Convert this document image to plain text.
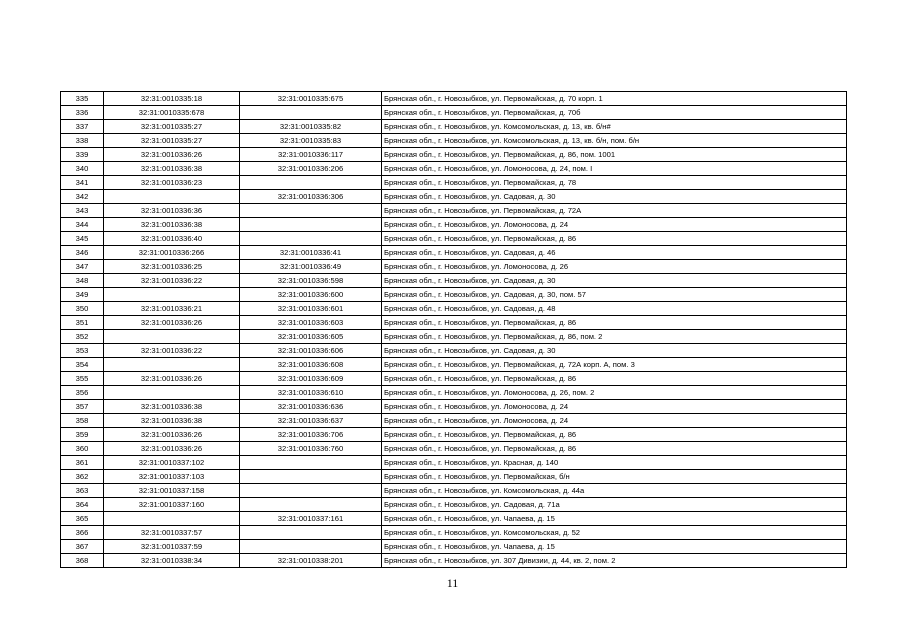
335	32:31:0010335:18	32:31:0010335:675	Брянская обл., г. Новозыбков, ул. Первомайская, д. 70 корп. 1
336	32:31:0010335:678		Брянская обл., г. Новозыбков, ул. Первомайская, д. 70б
337	32:31:0010335:27	32:31:0010335:82	Брянская обл., г. Новозыбков, ул. Комсомольская, д. 13, кв. б/н#
338	32:31:0010335:27	32:31:0010335:83	Брянская обл., г. Новозыбков, ул. Комсомольская, д. 13, кв. б/н, пом. б/н
339	32:31:0010336:26	32:31:0010336:117	Брянская обл., г. Новозыбков, ул. Первомайская, д. 86, пом. 1001
340	32:31:0010336:38	32:31:0010336:206	Брянская обл., г. Новозыбков, ул. Ломоносова, д. 24, пом. I
341	32:31:0010336:23		Брянская обл., г. Новозыбков, ул. Первомайская, д. 78
342		32:31:0010336:306	Брянская обл., г. Новозыбков, ул. Садовая, д. 30
343	32:31:0010336:36		Брянская обл., г. Новозыбков, ул. Первомайская, д. 72А
344	32:31:0010336:38		Брянская обл., г. Новозыбков, ул. Ломоносова, д. 24
345	32:31:0010336:40		Брянская обл., г. Новозыбков, ул. Первомайская, д. 86
346	32:31:0010336:266	32:31:0010336:41	Брянская обл., г. Новозыбков, ул. Садовая, д. 46
347	32:31:0010336:25	32:31:0010336:49	Брянская обл., г. Новозыбков, ул. Ломоносова, д. 26
348	32:31:0010336:22	32:31:0010336:598	Брянская обл., г. Новозыбков, ул. Садовая, д. 30
349		32:31:0010336:600	Брянская обл., г. Новозыбков, ул. Садовая, д. 30, пом. 57
350	32:31:0010336:21	32:31:0010336:601	Брянская обл., г. Новозыбков, ул. Садовая, д. 48
351	32:31:0010336:26	32:31:0010336:603	Брянская обл., г. Новозыбков, ул. Первомайская, д. 86
352		32:31:0010336:605	Брянская обл., г. Новозыбков, ул. Первомайская, д. 86, пом. 2
353	32:31:0010336:22	32:31:0010336:606	Брянская обл., г. Новозыбков, ул. Садовая, д. 30
354		32:31:0010336:608	Брянская обл., г. Новозыбков, ул. Первомайская, д. 72А корп. А, пом. 3
355	32:31:0010336:26	32:31:0010336:609	Брянская обл., г. Новозыбков, ул. Первомайская, д. 86
356		32:31:0010336:610	Брянская обл., г. Новозыбков, ул. Ломоносова, д. 26, пом. 2
357	32:31:0010336:38	32:31:0010336:636	Брянская обл., г. Новозыбков, ул. Ломоносова, д. 24
358	32:31:0010336:38	32:31:0010336:637	Брянская обл., г. Новозыбков, ул. Ломоносова, д. 24
359	32:31:0010336:26	32:31:0010336:706	Брянская обл., г. Новозыбков, ул. Первомайская, д. 86
360	32:31:0010336:26	32:31:0010336:760	Брянская обл., г. Новозыбков, ул. Первомайская, д. 86
361	32:31:0010337:102		Брянская обл., г. Новозыбков, ул. Красная, д. 140
362	32:31:0010337:103		Брянская обл., г. Новозыбков, ул. Первомайская, б/н
363	32:31:0010337:158		Брянская обл., г. Новозыбков, ул. Комсомольская, д. 44а
364	32:31:0010337:160		Брянская обл., г. Новозыбков, ул. Садовая, д. 71а
365		32:31:0010337:161	Брянская обл., г. Новозыбков, ул. Чапаева, д. 15
366	32:31:0010337:57		Брянская обл., г. Новозыбков, ул. Комсомольская, д. 52
367	32:31:0010337:59		Брянская обл., г. Новозыбков, ул. Чапаева, д. 15
368	32:31:0010338:34	32:31:0010338:201	Брянская обл., г. Новозыбков, ул. 307 Дивизии, д. 44, кв. 2, пом. 2
11
